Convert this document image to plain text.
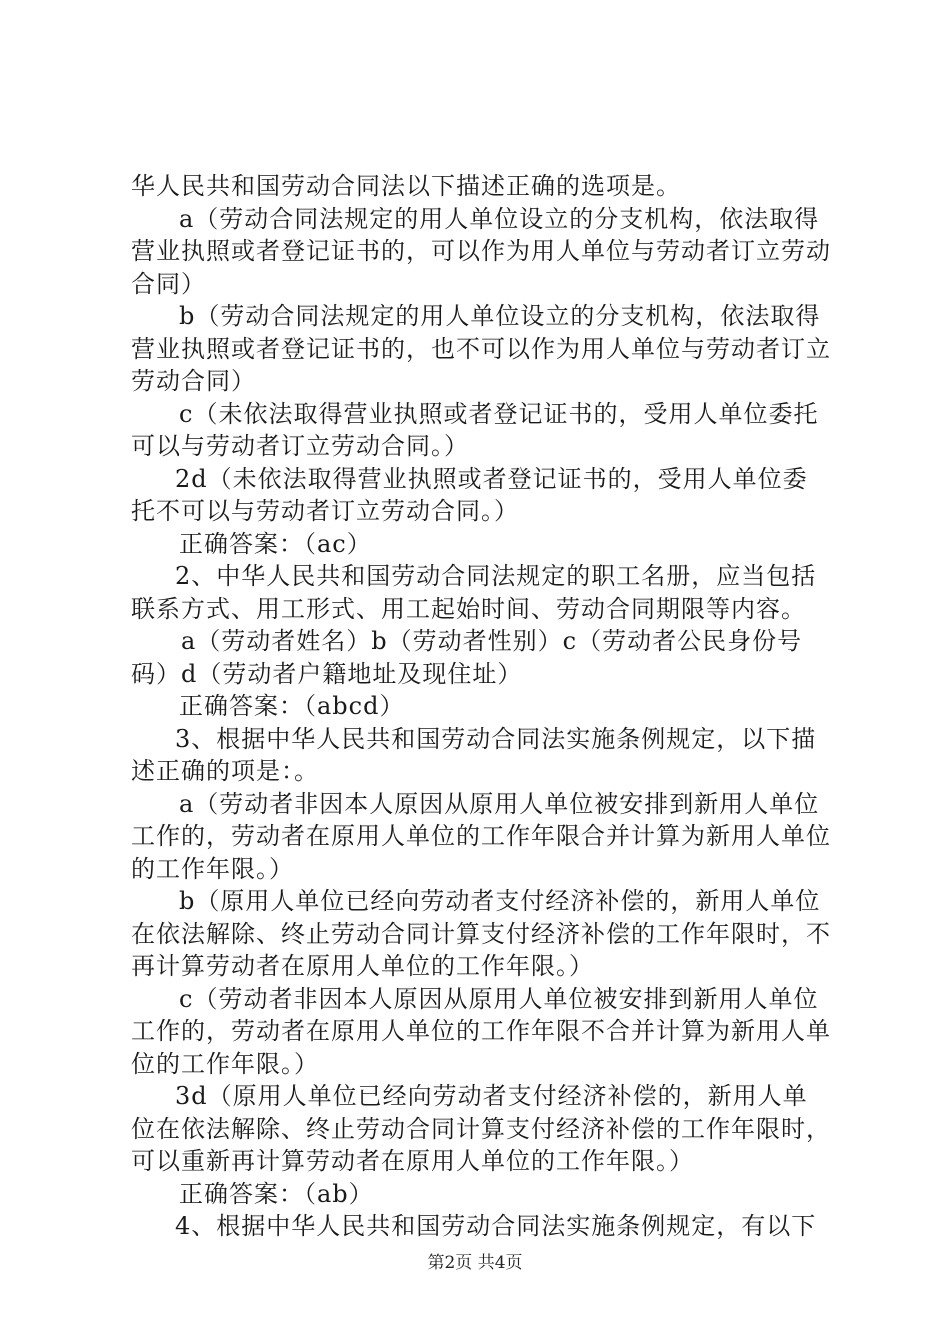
华人民共和国劳动合同法以下描述正确的选项是。

a（劳动合同法规定的用人单位设立的分支机构，依法取得营业执照或者登记证书的，可以作为用人单位与劳动者订立劳动合同）

b（劳动合同法规定的用人单位设立的分支机构，依法取得营业执照或者登记证书的，也不可以作为用人单位与劳动者订立劳动合同）

c（未依法取得营业执照或者登记证书的，受用人单位委托可以与劳动者订立劳动合同。）

2d（未依法取得营业执照或者登记证书的，受用人单位委托不可以与劳动者订立劳动合同。）

正确答案：（ac）

2、中华人民共和国劳动合同法规定的职工名册，应当包括联系方式、用工形式、用工起始时间、劳动合同期限等内容。

a（劳动者姓名）b（劳动者性别）c（劳动者公民身份号码）d（劳动者户籍地址及现住址）

正确答案：（abcd）

3、根据中华人民共和国劳动合同法实施条例规定，以下描述正确的项是：。

a（劳动者非因本人原因从原用人单位被安排到新用人单位工作的，劳动者在原用人单位的工作年限合并计算为新用人单位的工作年限。）

b（原用人单位已经向劳动者支付经济补偿的，新用人单位在依法解除、终止劳动合同计算支付经济补偿的工作年限时，不再计算劳动者在原用人单位的工作年限。）

c（劳动者非因本人原因从原用人单位被安排到新用人单位工作的，劳动者在原用人单位的工作年限不合并计算为新用人单位的工作年限。）

3d（原用人单位已经向劳动者支付经济补偿的，新用人单位在依法解除、终止劳动合同计算支付经济补偿的工作年限时，可以重新再计算劳动者在原用人单位的工作年限。）

正确答案：（ab）

4、根据中华人民共和国劳动合同法实施条例规定，有以下

第2页 共4页
